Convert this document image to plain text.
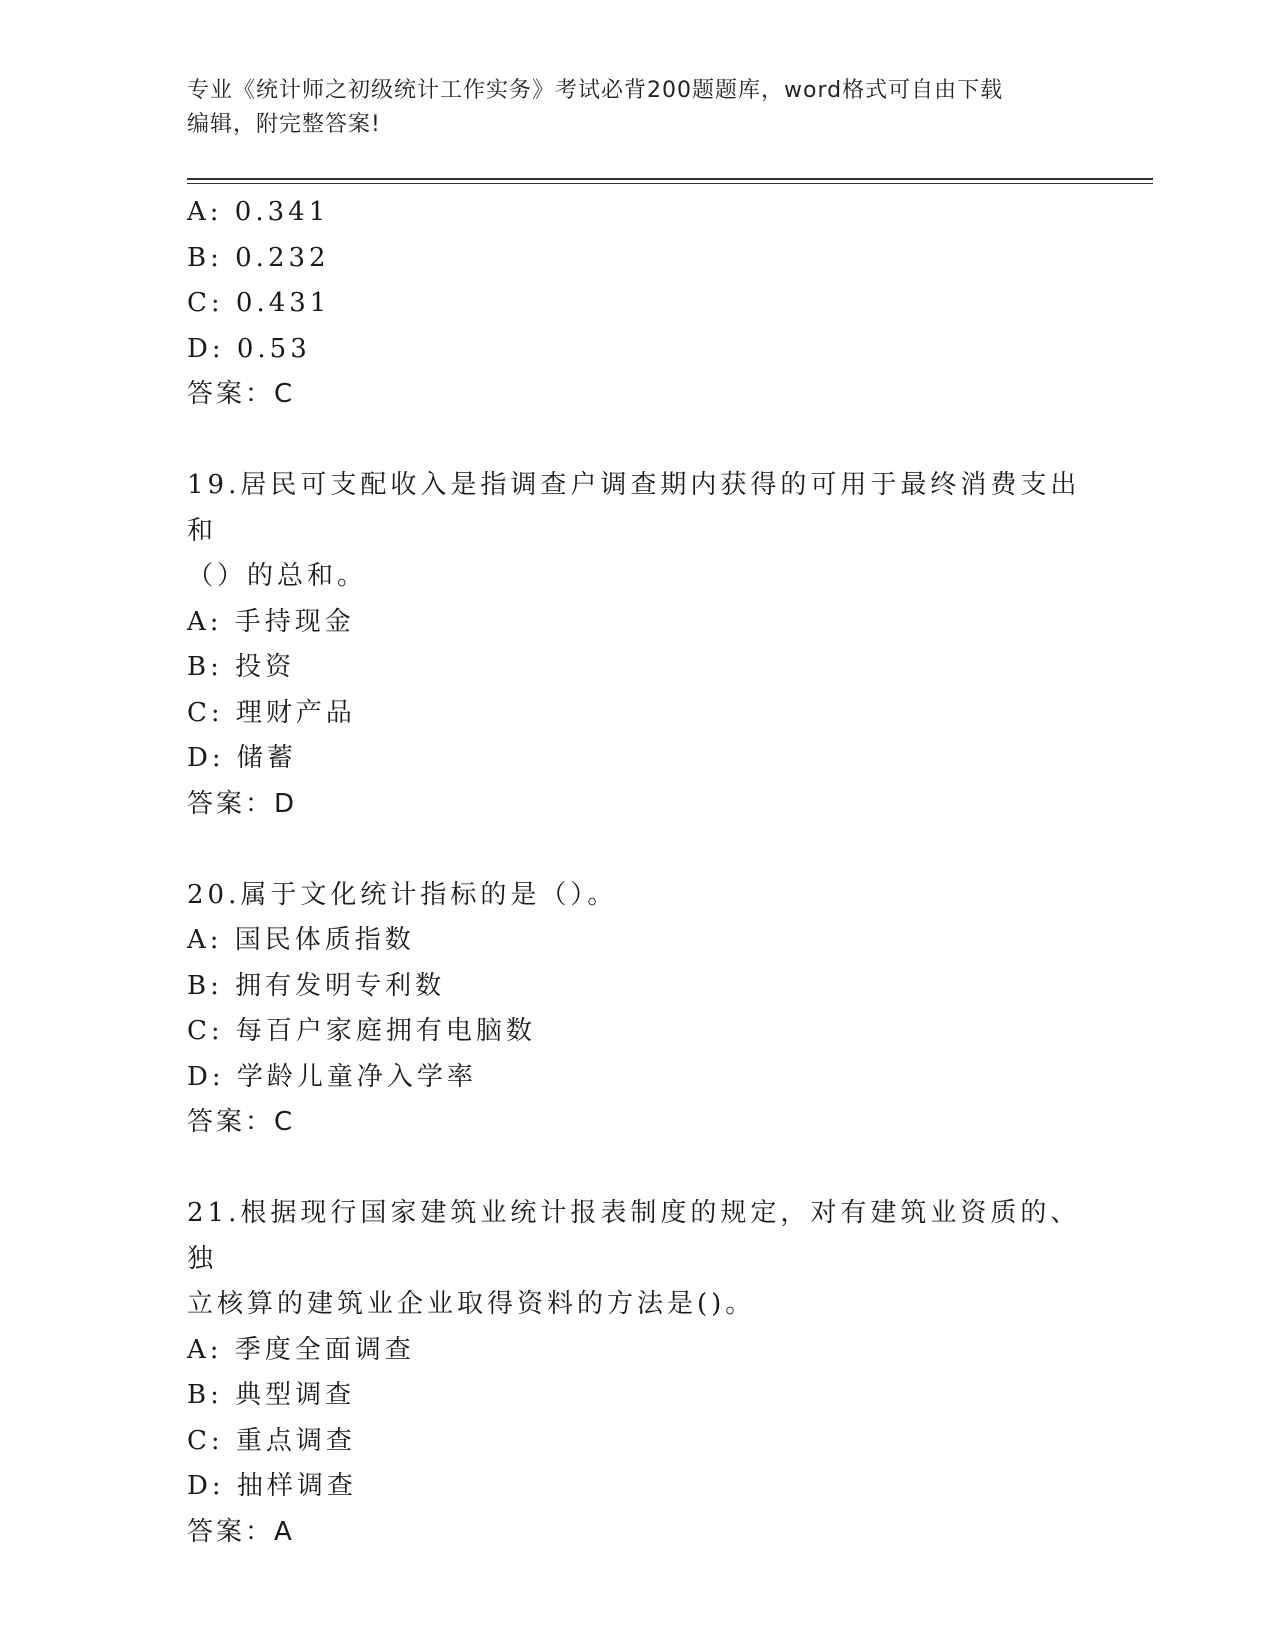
专业《统计师之初级统计工作实务》考试必背200题题库，word格式可自由下载
编辑，附完整答案!
A: 0.341
B: 0.232
C: 0.431
D: 0.53
答案：C
19.居民可支配收入是指调查户调查期内获得的可用于最终消费支出和
（）的总和。
A: 手持现金
B: 投资
C: 理财产品
D: 储蓄
答案：D
20.属于文化统计指标的是（）。
A: 国民体质指数
B: 拥有发明专利数
C: 每百户家庭拥有电脑数
D: 学龄儿童净入学率
答案：C
21.根据现行国家建筑业统计报表制度的规定，对有建筑业资质的、独
立核算的建筑业企业取得资料的方法是()。
A: 季度全面调查
B: 典型调查
C: 重点调查
D: 抽样调查
答案：A
